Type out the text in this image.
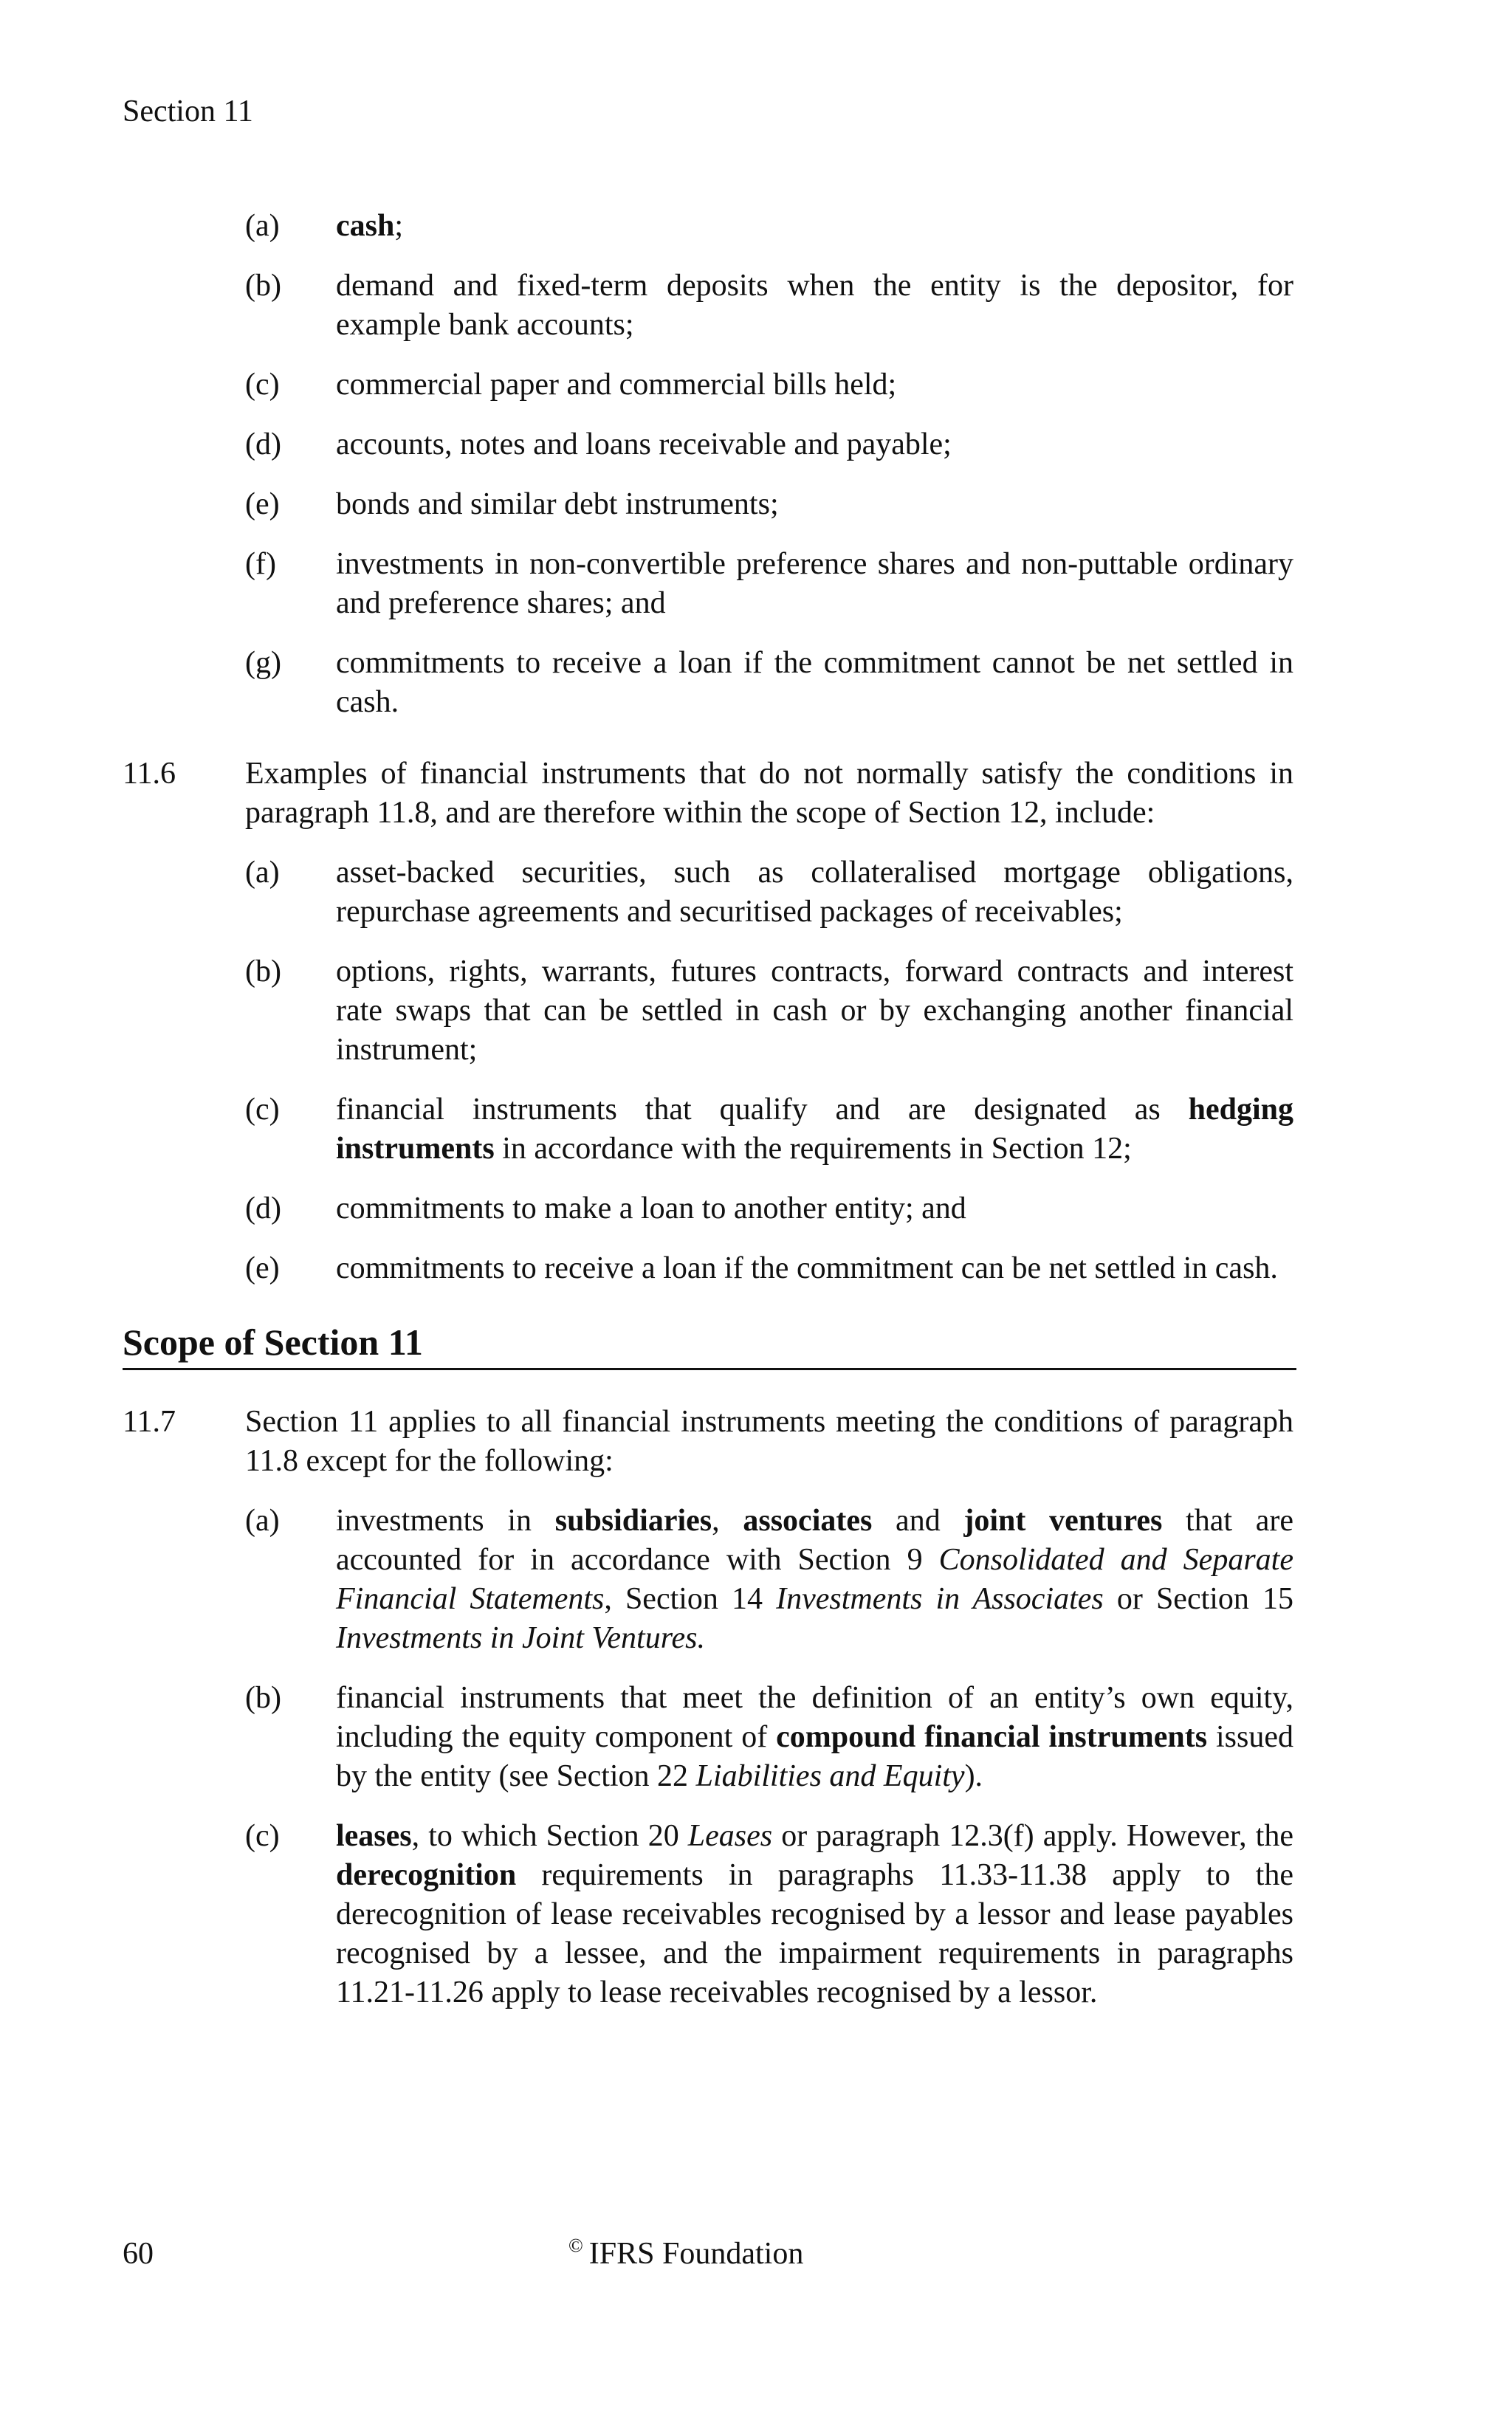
Section 11
(a) cash;
(b) demand and fixed-term deposits when the entity is the depositor, for example bank accounts;
(c) commercial paper and commercial bills held;
(d) accounts, notes and loans receivable and payable;
(e) bonds and similar debt instruments;
(f) investments in non-convertible preference shares and non-puttable ordinary and preference shares; and
(g) commitments to receive a loan if the commitment cannot be net settled in cash.
11.6 Examples of financial instruments that do not normally satisfy the conditions in paragraph 11.8, and are therefore within the scope of Section 12, include:
(a) asset-backed securities, such as collateralised mortgage obligations, repurchase agreements and securitised packages of receivables;
(b) options, rights, warrants, futures contracts, forward contracts and interest rate swaps that can be settled in cash or by exchanging another financial instrument;
(c) financial instruments that qualify and are designated as hedging instruments in accordance with the requirements in Section 12;
(d) commitments to make a loan to another entity; and
(e) commitments to receive a loan if the commitment can be net settled in cash.
Scope of Section 11
11.7 Section 11 applies to all financial instruments meeting the conditions of paragraph 11.8 except for the following:
(a) investments in subsidiaries, associates and joint ventures that are accounted for in accordance with Section 9 Consolidated and Separate Financial Statements, Section 14 Investments in Associates or Section 15 Investments in Joint Ventures.
(b) financial instruments that meet the definition of an entity’s own equity, including the equity component of compound financial instruments issued by the entity (see Section 22 Liabilities and Equity).
(c) leases, to which Section 20 Leases or paragraph 12.3(f) apply. However, the derecognition requirements in paragraphs 11.33-11.38 apply to the derecognition of lease receivables recognised by a lessor and lease payables recognised by a lessee, and the impairment requirements in paragraphs 11.21-11.26 apply to lease receivables recognised by a lessor.
60	© IFRS Foundation
